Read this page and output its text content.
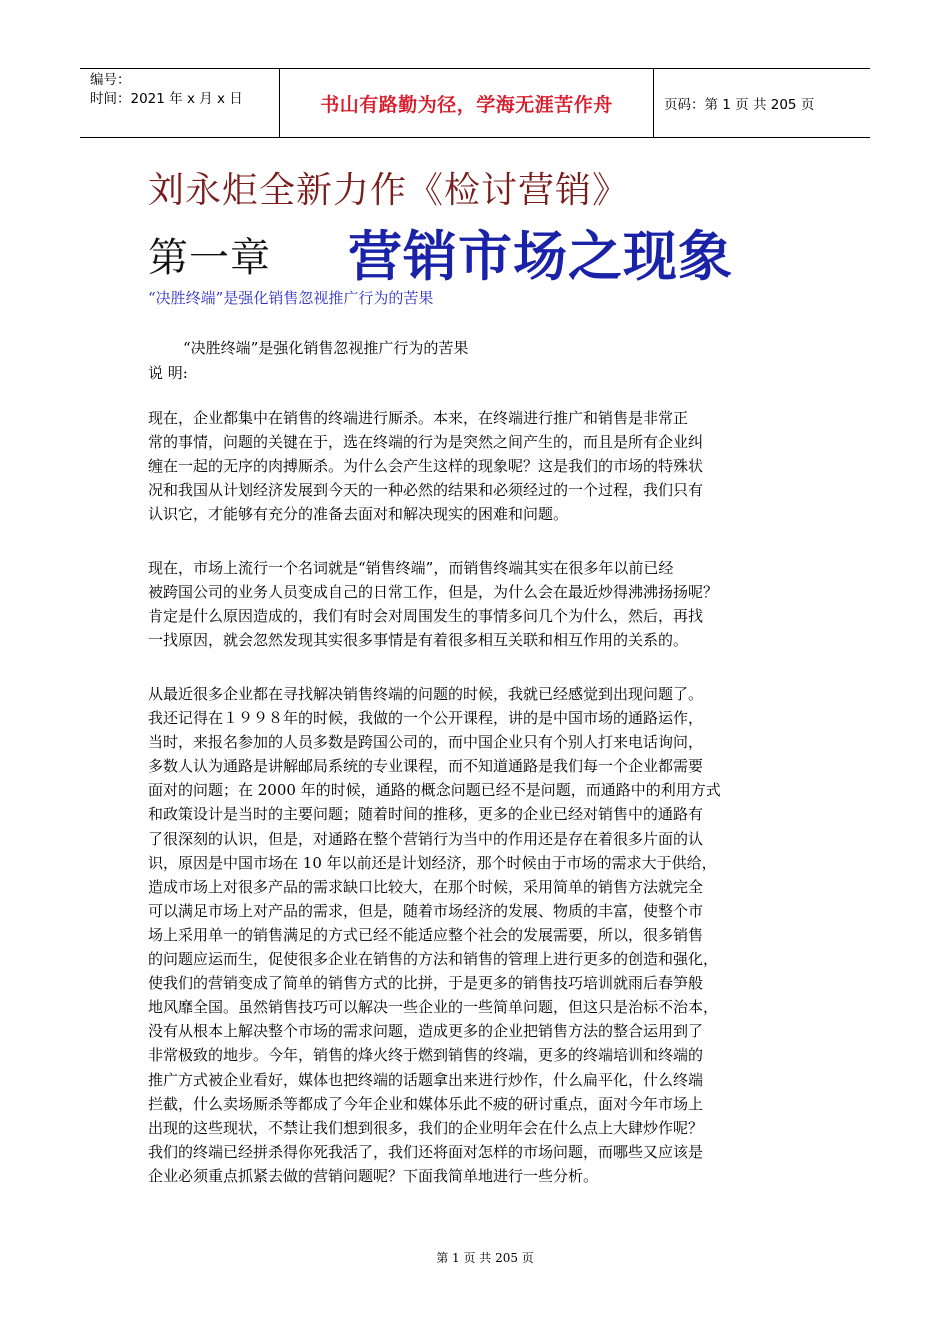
编号：
时间：2021 年 x 月 x 日	书山有路勤为径，学海无涯苦作舟	页码：第 1 页 共 205 页
刘永炬全新力作《检讨营销》
第一章 营销市场之现象
“决胜终端”是强化销售忽视推广行为的苦果
“决胜终端”是强化销售忽视推广行为的苦果
说 明:
现在，企业都集中在销售的终端进行厮杀。本来，在终端进行推广和销售是非常正
常的事情，问题的关键在于，选在终端的行为是突然之间产生的，而且是所有企业纠
缠在一起的无序的肉搏厮杀。为什么会产生这样的现象呢？这是我们的市场的特殊状
况和我国从计划经济发展到今天的一种必然的结果和必须经过的一个过程，我们只有
认识它，才能够有充分的准备去面对和解决现实的困难和问题。
现在，市场上流行一个名词就是“销售终端”，而销售终端其实在很多年以前已经
被跨国公司的业务人员变成自己的日常工作，但是，为什么会在最近炒得沸沸扬扬呢？
肯定是什么原因造成的，我们有时会对周围发生的事情多问几个为什么，然后，再找
一找原因，就会忽然发现其实很多事情是有着很多相互关联和相互作用的关系的。
从最近很多企业都在寻找解决销售终端的问题的时候，我就已经感觉到出现问题了。
我还记得在１９９８年的时候，我做的一个公开课程，讲的是中国市场的通路运作，
当时，来报名参加的人员多数是跨国公司的，而中国企业只有个别人打来电话询问，
多数人认为通路是讲解邮局系统的专业课程，而不知道通路是我们每一个企业都需要
面对的问题；在 2000 年的时候，通路的概念问题已经不是问题，而通路中的利用方式
和政策设计是当时的主要问题；随着时间的推移，更多的企业已经对销售中的通路有
了很深刻的认识，但是，对通路在整个营销行为当中的作用还是存在着很多片面的认
识，原因是中国市场在 10 年以前还是计划经济，那个时候由于市场的需求大于供给，
造成市场上对很多产品的需求缺口比较大，在那个时候，采用简单的销售方法就完全
可以满足市场上对产品的需求，但是，随着市场经济的发展、物质的丰富，使整个市
场上采用单一的销售满足的方式已经不能适应整个社会的发展需要，所以，很多销售
的问题应运而生，促使很多企业在销售的方法和销售的管理上进行更多的创造和强化，
使我们的营销变成了简单的销售方式的比拼，于是更多的销售技巧培训就雨后春笋般
地风靡全国。虽然销售技巧可以解决一些企业的一些简单问题，但这只是治标不治本，
没有从根本上解决整个市场的需求问题，造成更多的企业把销售方法的整合运用到了
非常极致的地步。今年，销售的烽火终于燃到销售的终端，更多的终端培训和终端的
推广方式被企业看好，媒体也把终端的话题拿出来进行炒作，什么扁平化，什么终端
拦截，什么卖场厮杀等都成了今年企业和媒体乐此不疲的研讨重点，面对今年市场上
出现的这些现状，不禁让我们想到很多，我们的企业明年会在什么点上大肆炒作呢？
我们的终端已经拼杀得你死我活了，我们还将面对怎样的市场问题，而哪些又应该是
企业必须重点抓紧去做的营销问题呢？下面我简单地进行一些分析。
第 1 页 共 205 页
